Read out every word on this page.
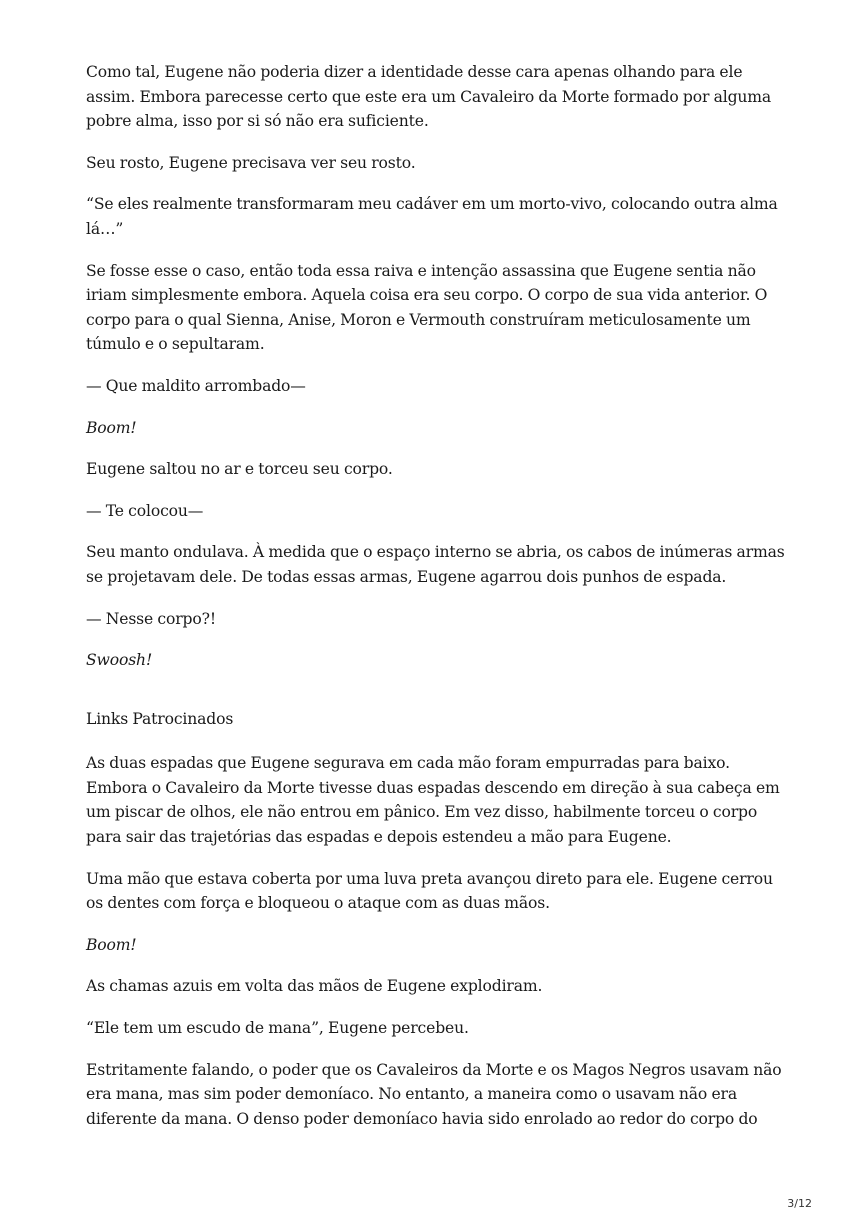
Como tal, Eugene não poderia dizer a identidade desse cara apenas olhando para ele assim. Embora parecesse certo que este era um Cavaleiro da Morte formado por alguma pobre alma, isso por si só não era suficiente.

Seu rosto, Eugene precisava ver seu rosto.

“Se eles realmente transformaram meu cadáver em um morto-vivo, colocando outra alma lá…”

Se fosse esse o caso, então toda essa raiva e intenção assassina que Eugene sentia não iriam simplesmente embora. Aquela coisa era seu corpo. O corpo de sua vida anterior. O corpo para o qual Sienna, Anise, Moron e Vermouth construíram meticulosamente um túmulo e o sepultaram.

— Que maldito arrombado—

Boom!

Eugene saltou no ar e torceu seu corpo.

— Te colocou—

Seu manto ondulava. À medida que o espaço interno se abria, os cabos de inúmeras armas se projetavam dele. De todas essas armas, Eugene agarrou dois punhos de espada.

— Nesse corpo?!

Swoosh!

Links Patrocinados

As duas espadas que Eugene segurava em cada mão foram empurradas para baixo. Embora o Cavaleiro da Morte tivesse duas espadas descendo em direção à sua cabeça em um piscar de olhos, ele não entrou em pânico. Em vez disso, habilmente torceu o corpo para sair das trajetórias das espadas e depois estendeu a mão para Eugene.

Uma mão que estava coberta por uma luva preta avançou direto para ele. Eugene cerrou os dentes com força e bloqueou o ataque com as duas mãos.

Boom!

As chamas azuis em volta das mãos de Eugene explodiram.

“Ele tem um escudo de mana”, Eugene percebeu.

Estritamente falando, o poder que os Cavaleiros da Morte e os Magos Negros usavam não era mana, mas sim poder demoníaco. No entanto, a maneira como o usavam não era diferente da mana. O denso poder demoníaco havia sido enrolado ao redor do corpo do

3/12
